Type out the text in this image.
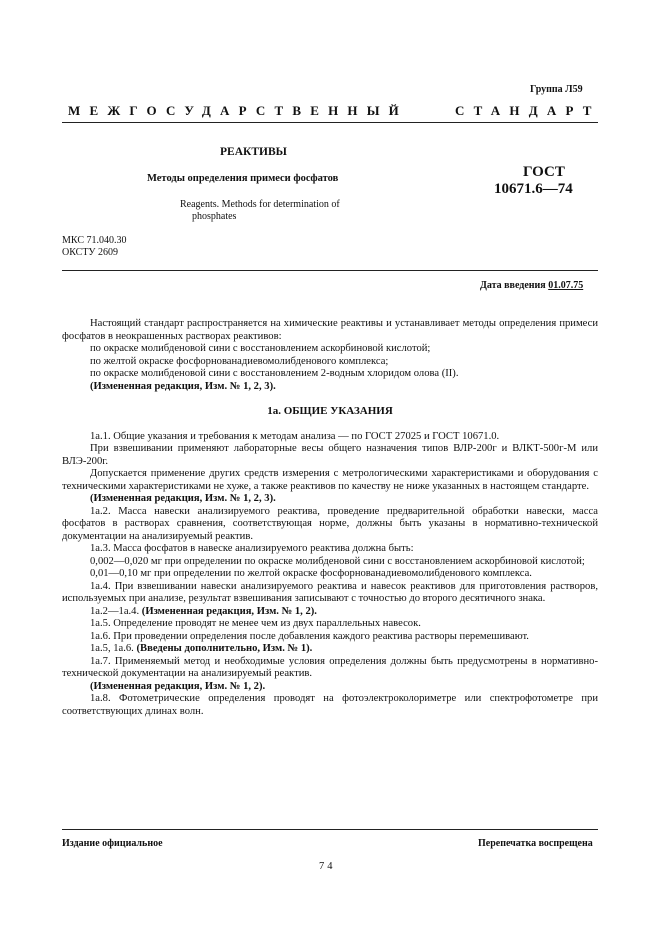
Группа Л59
МЕЖГОСУДАРСТВЕННЫЙ	СТАНДАРТ
РЕАКТИВЫ
Методы определения примеси фосфатов	ГОСТ
10671.6—74
Reagents. Methods for determination of phosphates
МКС 71.040.30
ОКСТУ 2609
Дата введения 01.07.75

Настоящий стандарт распространяется на химические реактивы и устанавливает методы определения примеси фосфатов в неокрашенных растворах реактивов:

по окраске молибденовой сини с восстановлением аскорбиновой кислотой;

по желтой окраске фосфорнованадиевомолибденового комплекса;

по окраске молибденовой сини с восстановлением 2-водным хлоридом олова (II).

(Измененная редакция, Изм. № 1, 2, 3).

1а. ОБЩИЕ УКАЗАНИЯ

1а.1. Общие указания и требования к методам анализа — по ГОСТ 27025 и ГОСТ 10671.0.

При взвешивании применяют лабораторные весы общего назначения типов ВЛР-200г и ВЛКТ-500г-М или ВЛЭ-200г.

Допускается применение других средств измерения с метрологическими характеристиками и оборудования с техническими характеристиками не хуже, а также реактивов по качеству не ниже указанных в настоящем стандарте.

(Измененная редакция, Изм. № 1, 2, 3).

1а.2. Масса навески анализируемого реактива, проведение предварительной обработки навески, масса фосфатов в растворах сравнения, соответствующая норме, должны быть указаны в нормативно-технической документации на анализируемый реактив.

1а.3. Масса фосфатов в навеске анализируемого реактива должна быть:

0,002—0,020 мг при определении по окраске молибденовой сини с восстановлением аскорбиновой кислотой;

0,01—0,10 мг при определении по желтой окраске фосфорнованадиевомолибденового комплекса.

1а.4. При взвешивании навески анализируемого реактива и навесок реактивов для приготовления растворов, используемых при анализе, результат взвешивания записывают с точностью до второго десятичного знака.

1а.2—1а.4. (Измененная редакция, Изм. № 1, 2).

1а.5. Определение проводят не менее чем из двух параллельных навесок.

1а.6. При проведении определения после добавления каждого реактива растворы перемешивают.

1а.5, 1а.6. (Введены дополнительно, Изм. № 1).

1а.7. Применяемый метод и необходимые условия определения должны быть предусмотрены в нормативно-технической документации на анализируемый реактив.

(Измененная редакция, Изм. № 1, 2).

1а.8. Фотометрические определения проводят на фотоэлектроколориметре или спектрофотометре при соответствующих длинах волн.

Издание официальное	Перепечатка воспрещена
74
